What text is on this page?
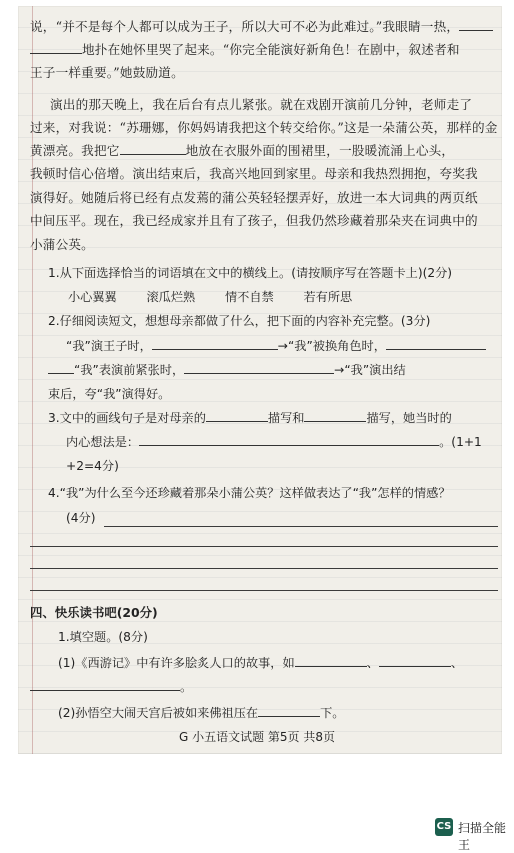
说，“并不是每个人都可以成为王子，所以大可不必为此难过。”我眼睛一热，
地扑在她怀里哭了起来。“你完全能演好新角色！在剧中，叙述者和
王子一样重要。”她鼓励道。
演出的那天晚上，我在后台有点儿紧张。就在戏剧开演前几分钟，老师走了
过来，对我说：“苏珊娜，你妈妈请我把这个转交给你。”这是一朵蒲公英，那样的金
黄漂亮。我把它	地放在衣服外面的围裙里，一股暖流涌上心头，
我顿时信心倍增。演出结束后，我高兴地回到家里。母亲和我热烈拥抱，夸奖我
演得好。她随后将已经有点发蔫的蒲公英轻轻摆弄好，放进一本大词典的两页纸
中间压平。现在，我已经成家并且有了孩子，但我仍然珍藏着那朵夹在词典中的
小蒲公英。
1.从下面选择恰当的词语填在文中的横线上。(请按顺序写在答题卡上)(2分)
小心翼翼 滚瓜烂熟 情不自禁 若有所思
2.仔细阅读短文，想想母亲都做了什么，把下面的内容补充完整。(3分)
“我”演王子时，	→“我”被换角色时，
“我”表演前紧张时，	→“我”演出结
束后，夸“我”演得好。
3.文中的画线句子是对母亲的	描写和	描写，她当时的
内心想法是：	。(1+1
+2=4分)
4.“我”为什么至今还珍藏着那朵小蒲公英？这样做表达了“我”怎样的情感？
(4分)
四、快乐读书吧(20分)
1.填空题。(8分)
(1)《西游记》中有许多脍炙人口的故事，如	、	、
。
(2)孙悟空大闹天宫后被如来佛祖压在	下。
G 小五语文试题 第5页 共8页
CS 扫描全能王
